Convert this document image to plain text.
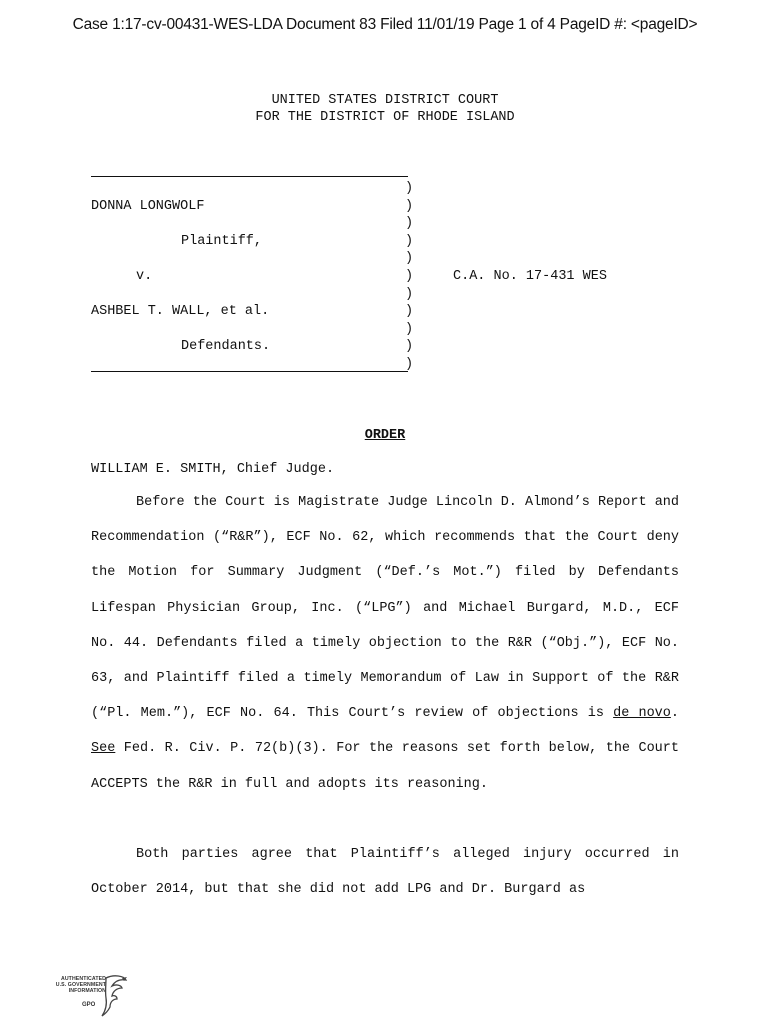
Case 1:17-cv-00431-WES-LDA Document 83 Filed 11/01/19 Page 1 of 4 PageID #: <pageID>
UNITED STATES DISTRICT COURT
FOR THE DISTRICT OF RHODE ISLAND
)
)
)
)
)
)
)
)
)
)
)
DONNA LONGWOLF
Plaintiff,
v.
ASHBEL T. WALL, et al.
Defendants.
C.A. No. 17-431 WES
ORDER
WILLIAM E. SMITH, Chief Judge.

Before the Court is Magistrate Judge Lincoln D. Almond’s Report and Recommendation (“R&R”), ECF No. 62, which recommends that the Court deny the Motion for Summary Judgment (“Def.’s Mot.”) filed by Defendants Lifespan Physician Group, Inc. (“LPG”) and Michael Burgard, M.D., ECF No. 44. Defendants filed a timely objection to the R&R (“Obj.”), ECF No. 63, and Plaintiff filed a timely Memorandum of Law in Support of the R&R (“Pl. Mem.”), ECF No. 64. This Court’s review of objections is de novo. See Fed. R. Civ. P. 72(b)(3). For the reasons set forth below, the Court ACCEPTS the R&R in full and adopts its reasoning.

Both parties agree that Plaintiff’s alleged injury occurred in October 2014, but that she did not add LPG and Dr. Burgard as

AUTHENTICATED
U.S. GOVERNMENT
INFORMATION
GPO
